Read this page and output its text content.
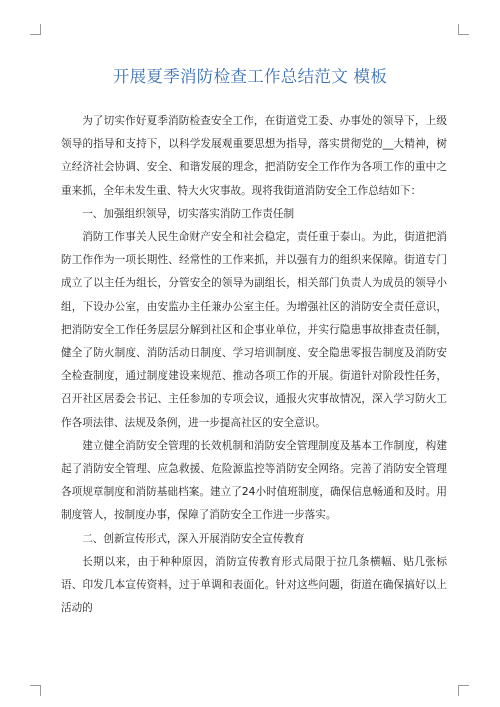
开展夏季消防检查工作总结范文 模板

为了切实作好夏季消防检查安全工作，在街道党工委、办事处的领导下，上级领导的指导和支持下，以科学发展观重要思想为指导，落实贯彻党的__大精神，树立经济社会协调、安全、和谐发展的理念，把消防安全工作作为各项工作的重中之重来抓，全年未发生重、特大火灾事故。现将我街道消防安全工作总结如下：

一、加强组织领导，切实落实消防工作责任制

消防工作事关人民生命财产安全和社会稳定，责任重于泰山。为此，街道把消防工作作为一项长期性、经常性的工作来抓，并以强有力的组织来保障。街道专门成立了以主任为组长，分管安全的领导为副组长，相关部门负责人为成员的领导小组，下设办公室，由安监办主任兼办公室主任。为增强社区的消防安全责任意识，把消防安全工作任务层层分解到社区和企事业单位，并实行隐患事故排查责任制，健全了防火制度、消防活动日制度、学习培训制度、安全隐患零报告制度及消防安全检查制度，通过制度建设来规范、推动各项工作的开展。街道针对阶段性任务，召开社区居委会书记、主任参加的专项会议，通报火灾事故情况，深入学习防火工作各项法律、法规及条例，进一步提高社区的安全意识。

建立健全消防安全管理的长效机制和消防安全管理制度及基本工作制度，构建起了消防安全管理、应急救援、危险源监控等消防安全网络。完善了消防安全管理各项规章制度和消防基础档案。建立了24小时值班制度，确保信息畅通和及时。用制度管人，按制度办事，保障了消防安全工作进一步落实。

二、创新宣传形式，深入开展消防安全宣传教育

长期以来，由于种种原因，消防宣传教育形式局限于拉几条横幅、贴几张标语、印发几本宣传资料，过于单调和表面化。针对这些问题，街道在确保搞好以上活动的
